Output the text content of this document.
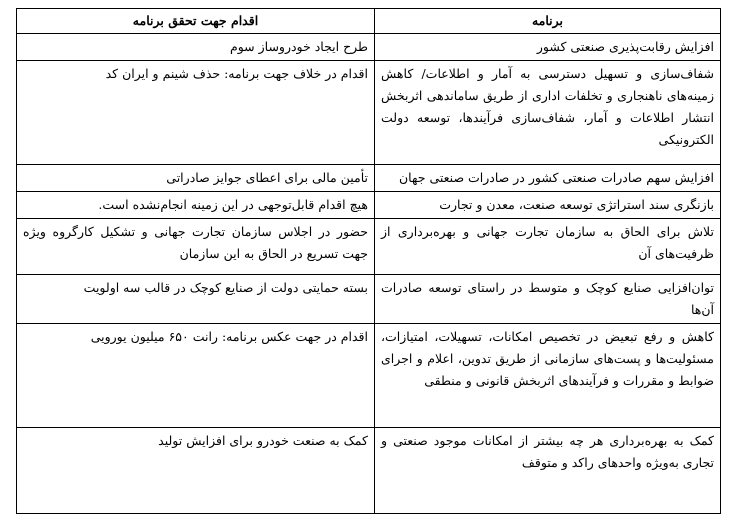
برنامه	اقدام جهت تحقق برنامه
افزایش رقابت‌پذیری صنعتی کشور	طرح ایجاد خودروساز سوم
شفاف‌سازی و تسهیل دسترسی به آمار و اطلاعات/ کاهش زمینه‌های ناهنجاری و تخلفات اداری از طریق ساماندهی اثربخش انتشار اطلاعات و آمار، شفاف‌سازی فرآیندها، توسعه دولت الکترونیکی	اقدام در خلاف جهت برنامه: حذف شینم و ایران کد
افزایش سهم صادرات صنعتی کشور در صادرات صنعتی جهان	تأمین مالی برای اعطای جوایز صادراتی
بازنگری سند استراتژی توسعه صنعت، معدن و تجارت	هیچ اقدام قابل‌توجهی در این زمینه انجام‌نشده است.
تلاش برای الحاق به سازمان تجارت جهانی و بهره‌برداری از ظرفیت‌های آن	حضور در اجلاس سازمان تجارت جهانی و تشکیل کارگروه ویژه جهت تسریع در الحاق به این سازمان
توان‌افزایی صنایع کوچک و متوسط در راستای توسعه صادرات آن‌ها	بسته حمایتی دولت از صنایع کوچک در قالب سه اولویت
کاهش و رفع تبعیض در تخصیص امکانات، تسهیلات، امتیازات، مسئولیت‌ها و پست‌های سازمانی از طریق تدوین، اعلام و اجرای ضوابط و مقررات و فرآیندهای اثربخش قانونی و منطقی	اقدام در جهت عکس برنامه: رانت ۶۵۰ میلیون یورویی
کمک به بهره‌برداری هر چه بیشتر از امکانات موجود صنعتی و تجاری به‌ویژه واحدهای راکد و متوقف	کمک به صنعت خودرو برای افزایش تولید
